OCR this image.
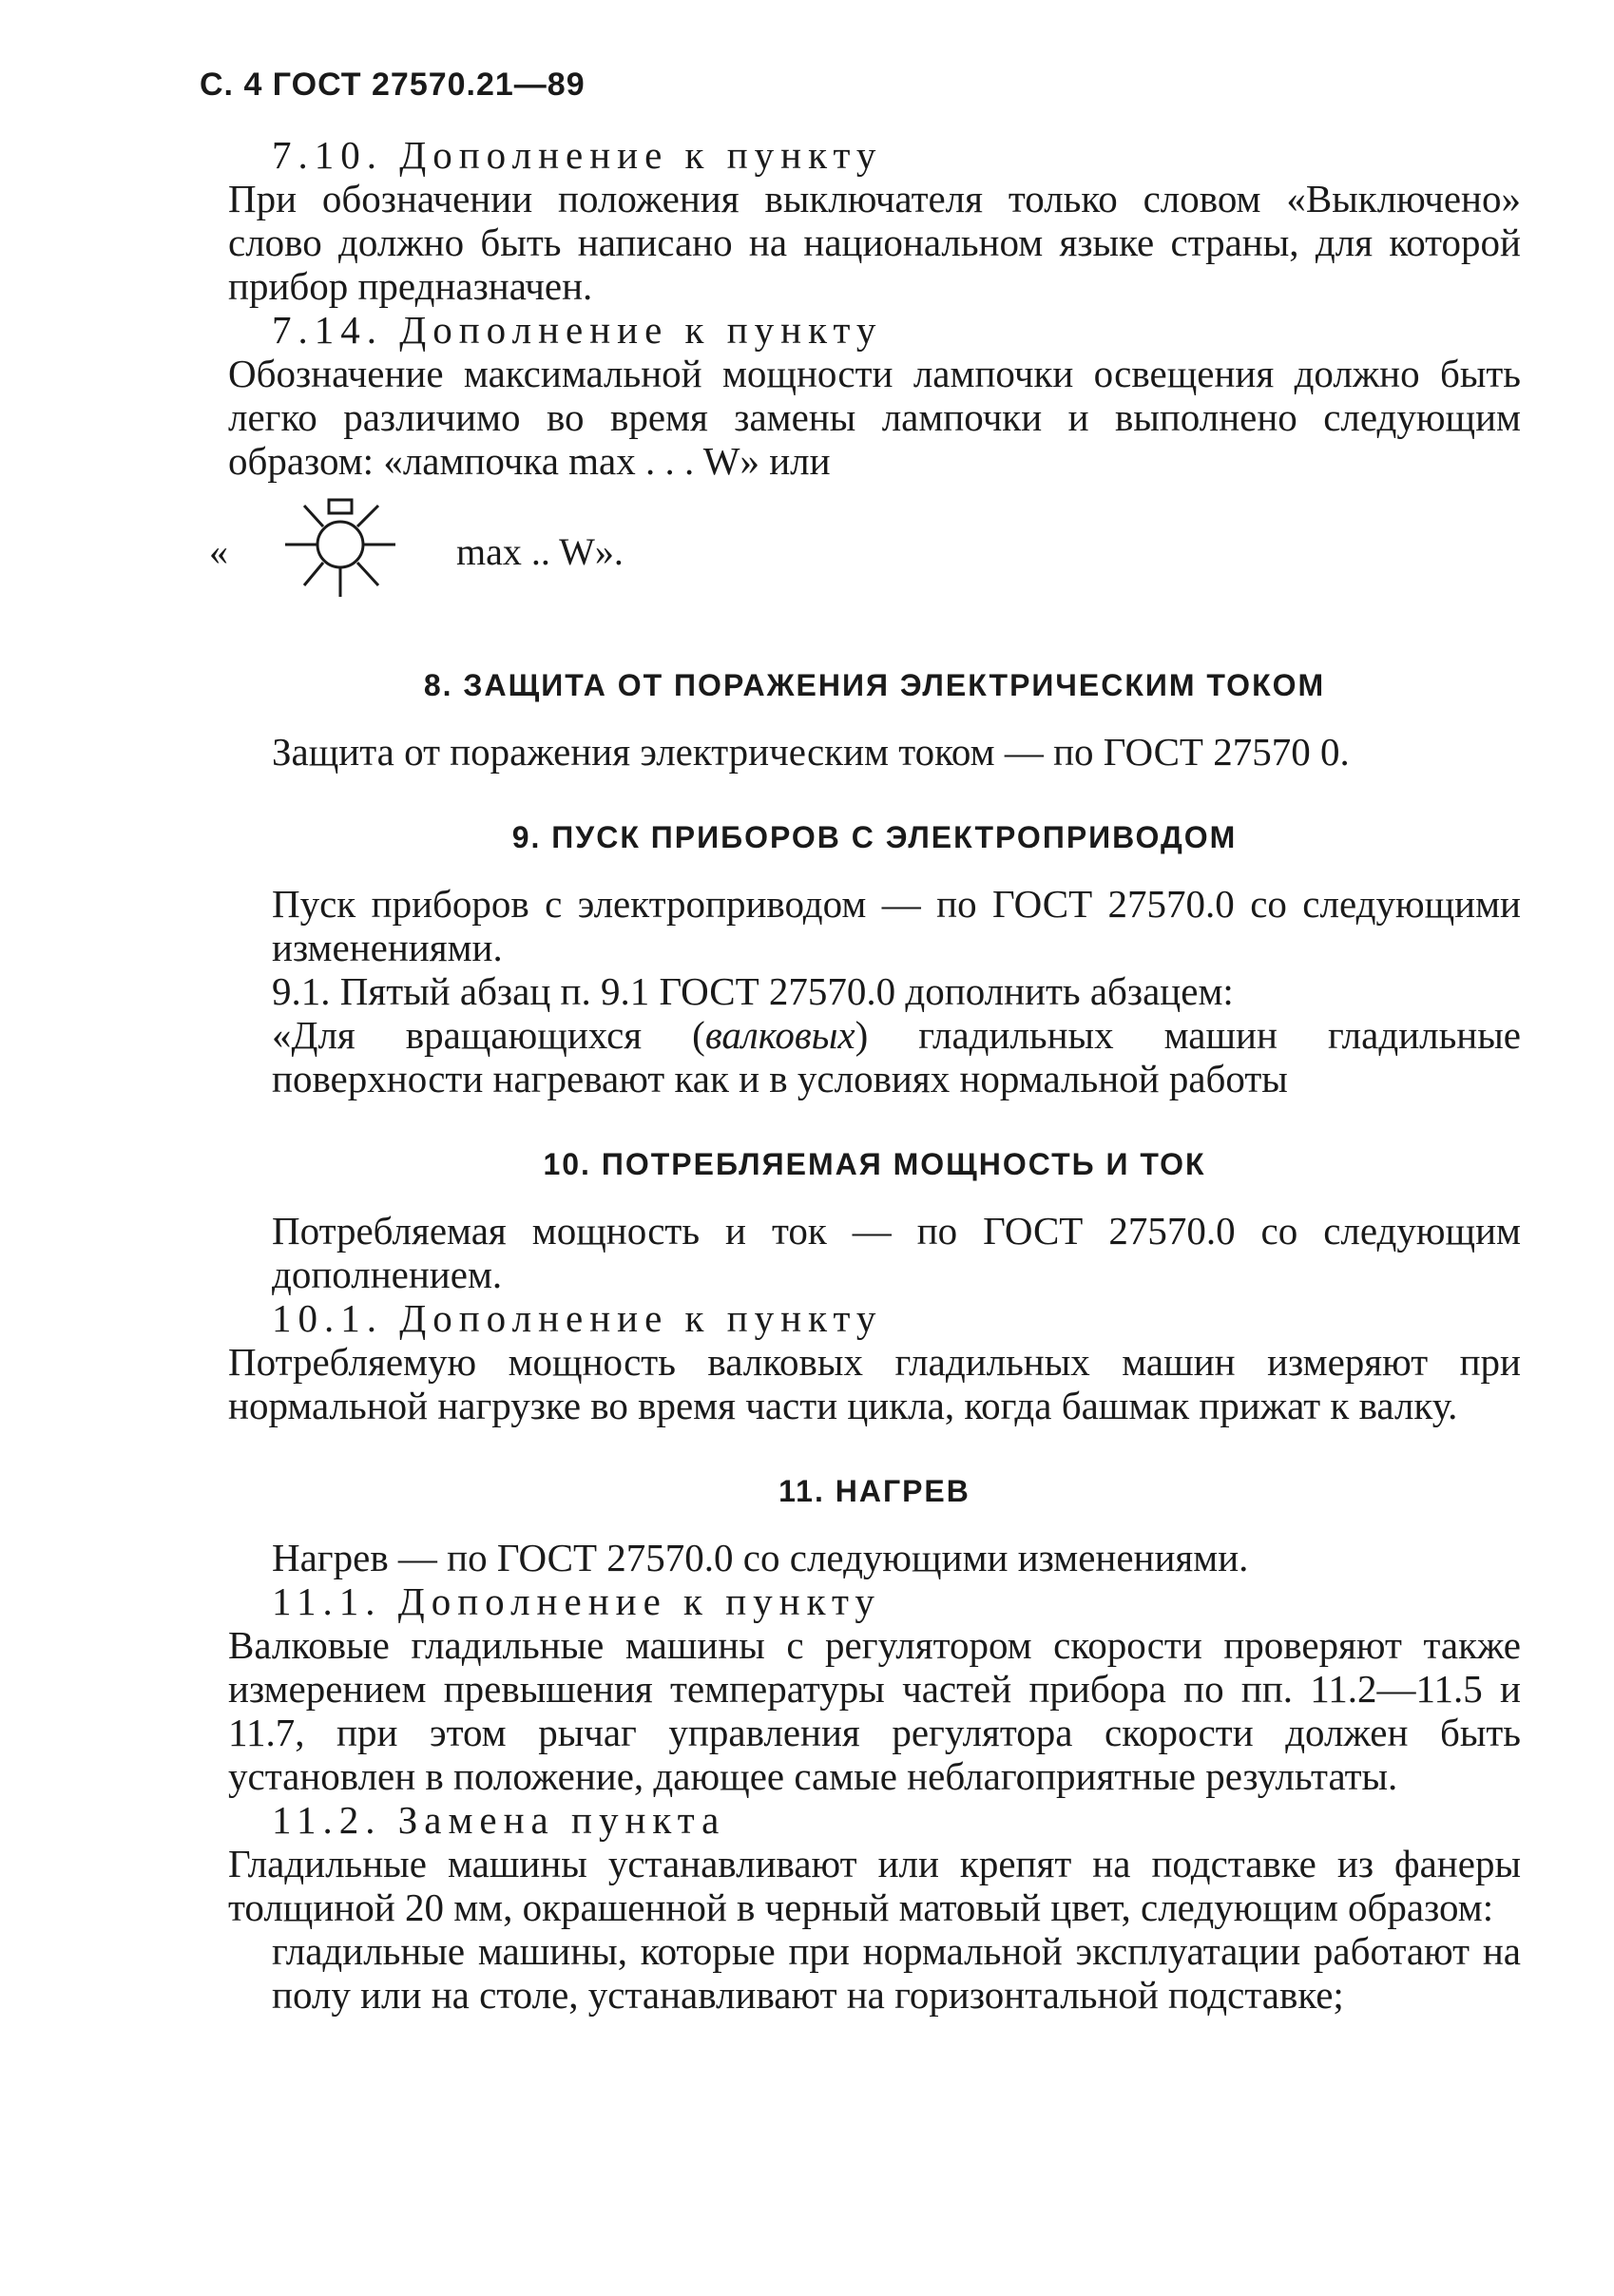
С. 4 ГОСТ 27570.21—89

7.10. Дополнение к пункту

При обозначении положения выключателя только словом «Выключено» слово должно быть написано на национальном языке страны, для которой прибор предназначен.

7.14. Дополнение к пункту

Обозначение максимальной мощности лампочки освещения должно быть легко различимо во время замены лампочки и выполнено следующим образом: «лампочка max . . . W» или

«	max .. W».
8. ЗАЩИТА ОТ ПОРАЖЕНИЯ ЭЛЕКТРИЧЕСКИМ ТОКОМ

Защита от поражения электрическим током — по ГОСТ 27570 0.

9. ПУСК ПРИБОРОВ С ЭЛЕКТРОПРИВОДОМ

Пуск приборов с электроприводом — по ГОСТ 27570.0 со следующими изменениями.

9.1. Пятый абзац п. 9.1 ГОСТ 27570.0 дополнить абзацем:

«Для вращающихся (валковых) гладильных машин гладильные поверхности нагревают как и в условиях нормальной работы

10. ПОТРЕБЛЯЕМАЯ МОЩНОСТЬ И ТОК

Потребляемая мощность и ток — по ГОСТ 27570.0 со следующим дополнением.

10.1. Дополнение к пункту

Потребляемую мощность валковых гладильных машин измеряют при нормальной нагрузке во время части цикла, когда башмак прижат к валку.

11. НАГРЕВ

Нагрев — по ГОСТ 27570.0 со следующими изменениями.

11.1. Дополнение к пункту

Валковые гладильные машины с регулятором скорости проверяют также измерением превышения температуры частей прибора по пп. 11.2—11.5 и 11.7, при этом рычаг управления регулятора скорости должен быть установлен в положение, дающее самые неблагоприятные результаты.

11.2. Замена пункта

Гладильные машины устанавливают или крепят на подставке из фанеры толщиной 20 мм, окрашенной в черный матовый цвет, следующим образом:

гладильные машины, которые при нормальной эксплуатации работают на полу или на столе, устанавливают на горизонтальной подставке;
